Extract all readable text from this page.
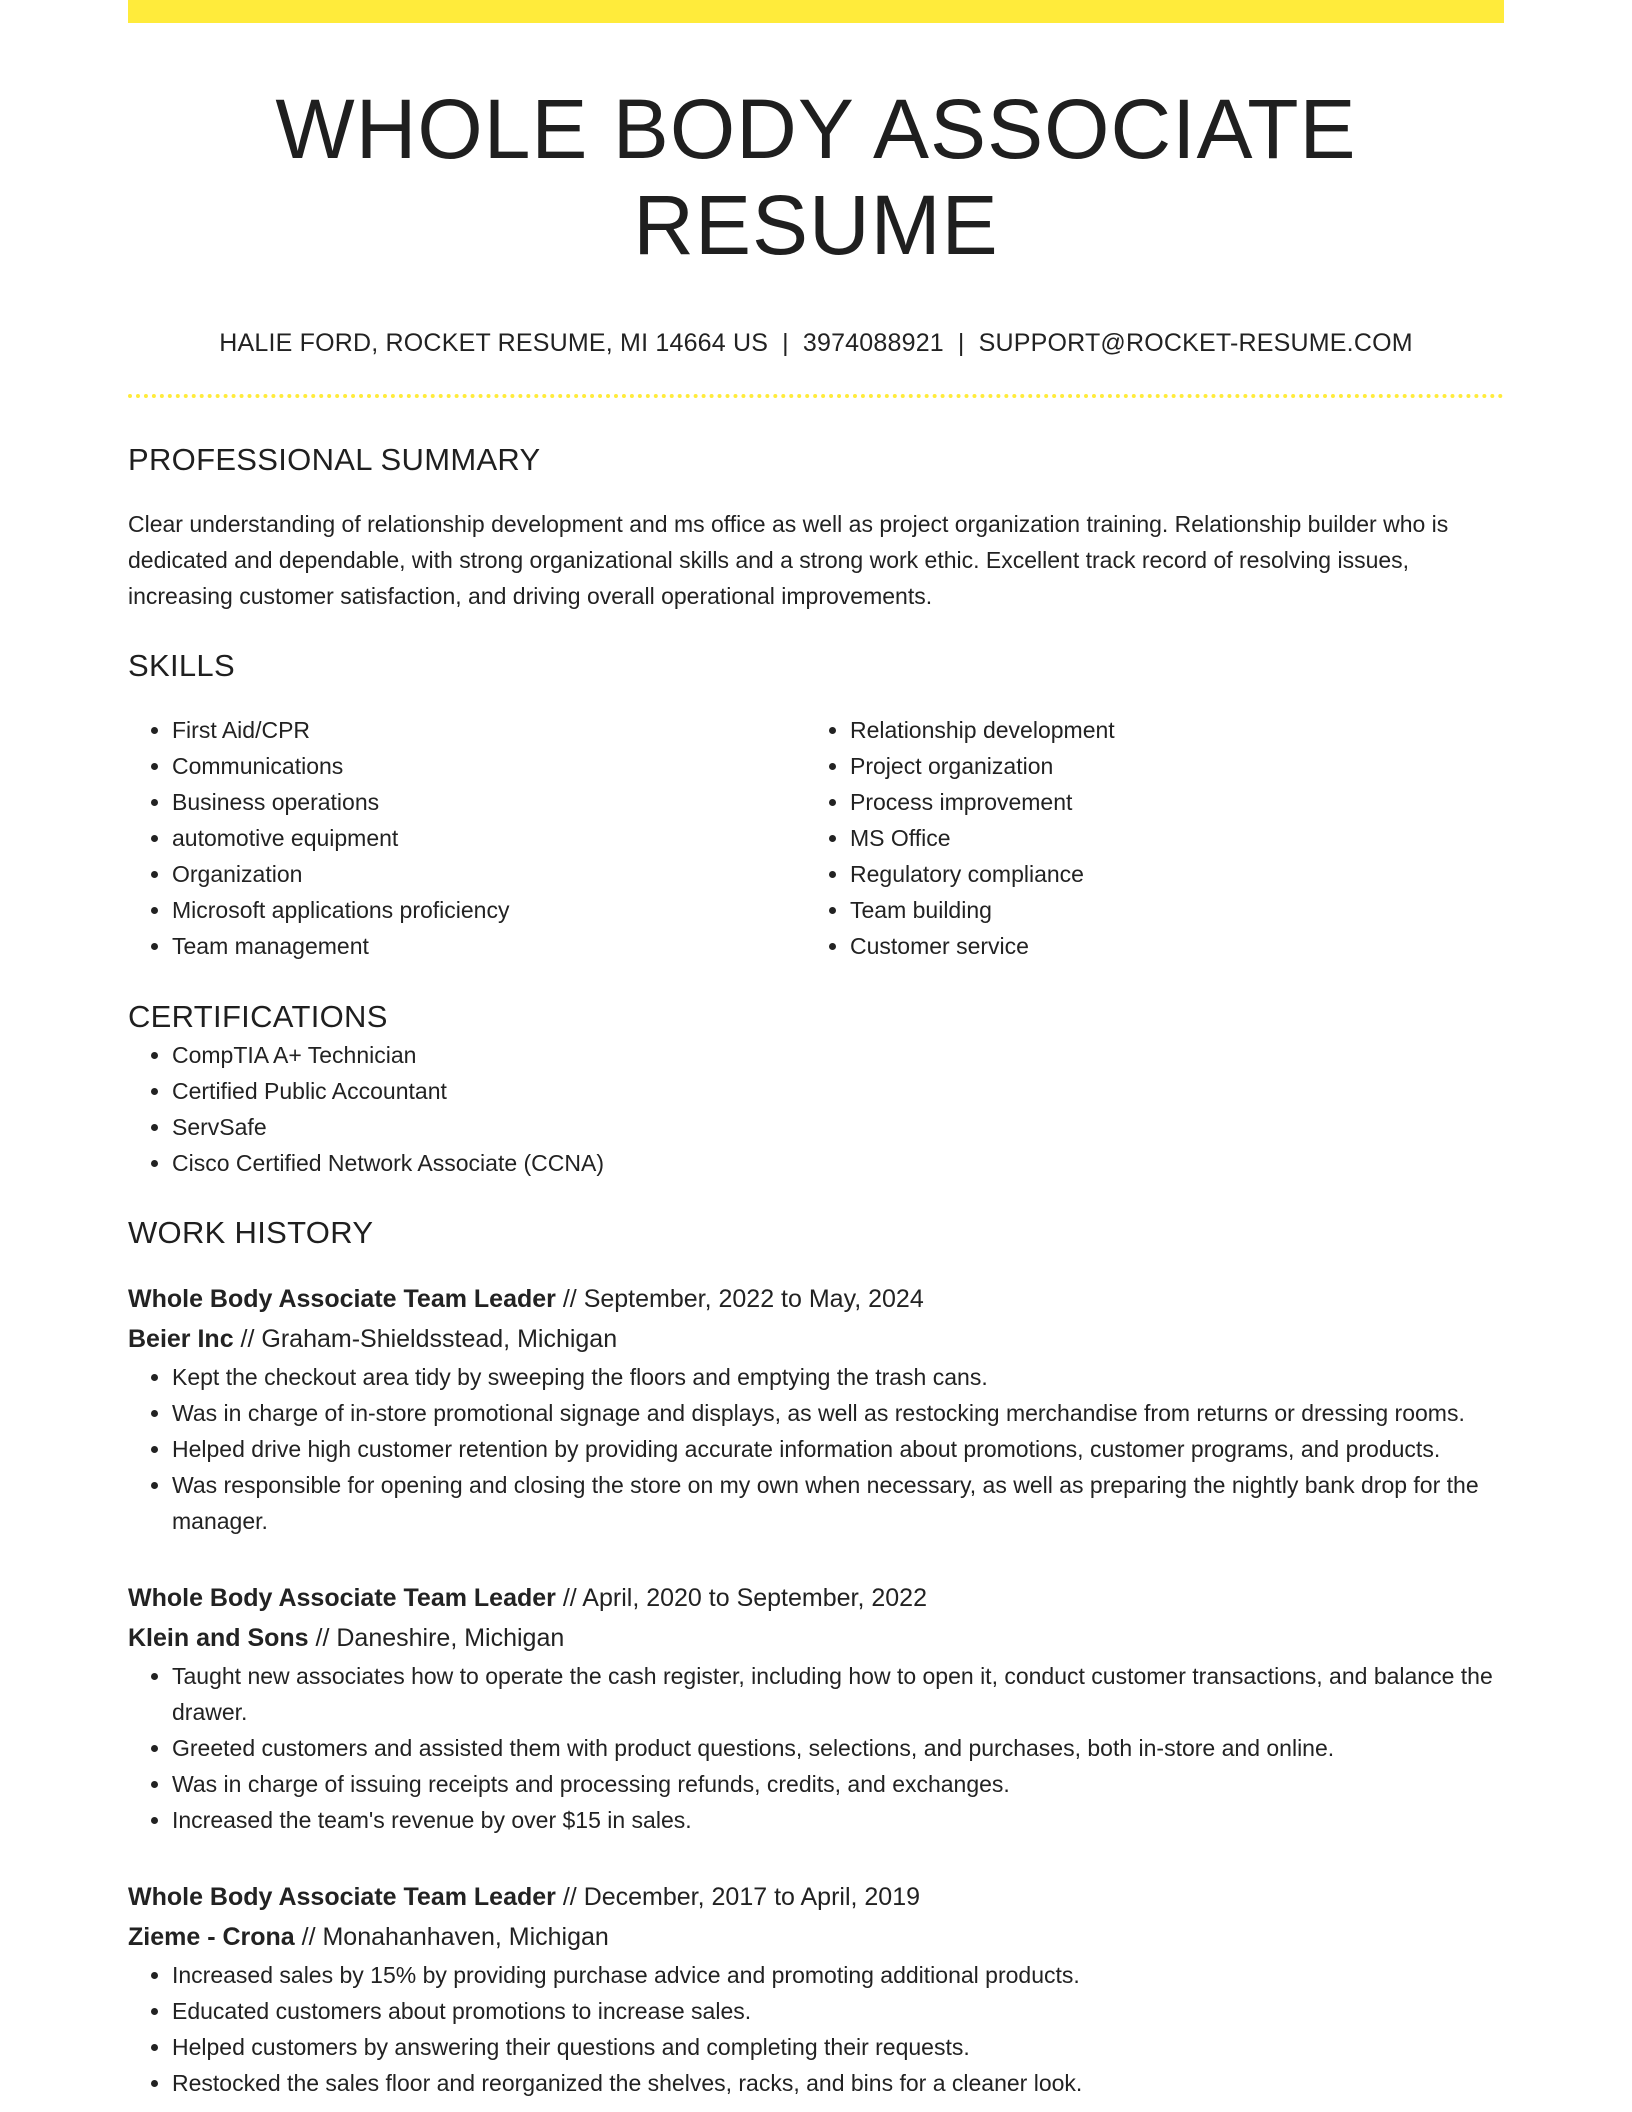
WHOLE BODY ASSOCIATE RESUME
HALIE FORD, ROCKET RESUME, MI 14664 US | 3974088921 | SUPPORT@ROCKET-RESUME.COM
PROFESSIONAL SUMMARY

Clear understanding of relationship development and ms office as well as project organization training. Relationship builder who is dedicated and dependable, with strong organizational skills and a strong work ethic. Excellent track record of resolving issues, increasing customer satisfaction, and driving overall operational improvements.

SKILLS
• First Aid/CPR
• Communications
• Business operations
• automotive equipment
• Organization
• Microsoft applications proficiency
• Team management
• Relationship development
• Project organization
• Process improvement
• MS Office
• Regulatory compliance
• Team building
• Customer service
CERTIFICATIONS
• CompTIA A+ Technician
• Certified Public Accountant
• ServSafe
• Cisco Certified Network Associate (CCNA)
WORK HISTORY
Whole Body Associate Team Leader // September, 2022 to May, 2024
Beier Inc // Graham-Shieldsstead, Michigan
• Kept the checkout area tidy by sweeping the floors and emptying the trash cans.
• Was in charge of in-store promotional signage and displays, as well as restocking merchandise from returns or dressing rooms.
• Helped drive high customer retention by providing accurate information about promotions, customer programs, and products.
• Was responsible for opening and closing the store on my own when necessary, as well as preparing the nightly bank drop for the manager.
Whole Body Associate Team Leader // April, 2020 to September, 2022
Klein and Sons // Daneshire, Michigan
• Taught new associates how to operate the cash register, including how to open it, conduct customer transactions, and balance the drawer.
• Greeted customers and assisted them with product questions, selections, and purchases, both in-store and online.
• Was in charge of issuing receipts and processing refunds, credits, and exchanges.
• Increased the team's revenue by over $15 in sales.
Whole Body Associate Team Leader // December, 2017 to April, 2019
Zieme - Crona // Monahanhaven, Michigan
• Increased sales by 15% by providing purchase advice and promoting additional products.
• Educated customers about promotions to increase sales.
• Helped customers by answering their questions and completing their requests.
• Restocked the sales floor and reorganized the shelves, racks, and bins for a cleaner look.
